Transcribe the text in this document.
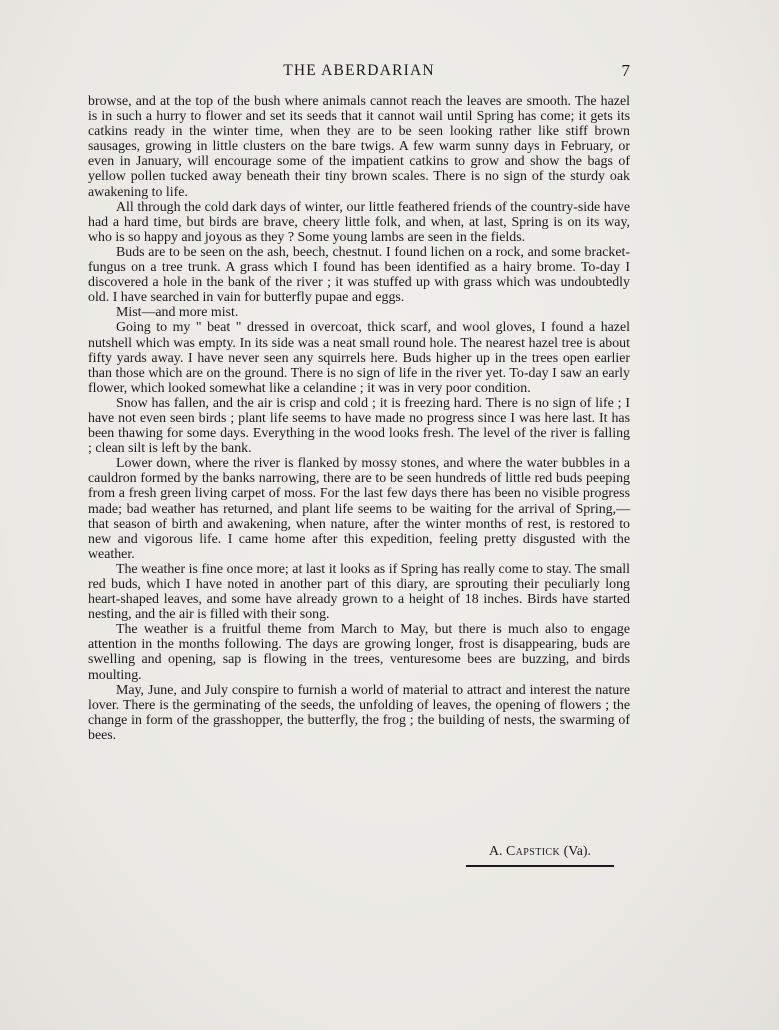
THE ABERDARIAN	7

browse, and at the top of the bush where animals cannot reach the leaves are smooth. The hazel is in such a hurry to flower and set its seeds that it cannot wail until Spring has come; it gets its catkins ready in the winter time, when they are to be seen looking rather like stiff brown sausages, growing in little clusters on the bare twigs. A few warm sunny days in February, or even in January, will encourage some of the impatient catkins to grow and show the bags of yellow pollen tucked away beneath their tiny brown scales. There is no sign of the sturdy oak awakening to life.

All through the cold dark days of winter, our little feathered friends of the country-side have had a hard time, but birds are brave, cheery little folk, and when, at last, Spring is on its way, who is so happy and joyous as they ? Some young lambs are seen in the fields.

Buds are to be seen on the ash, beech, chestnut. I found lichen on a rock, and some bracket-fungus on a tree trunk. A grass which I found has been identified as a hairy brome. To-day I discovered a hole in the bank of the river ; it was stuffed up with grass which was undoubtedly old. I have searched in vain for butterfly pupae and eggs.

Mist—and more mist.

Going to my " beat " dressed in overcoat, thick scarf, and wool gloves, I found a hazel nutshell which was empty. In its side was a neat small round hole. The nearest hazel tree is about fifty yards away. I have never seen any squirrels here. Buds higher up in the trees open earlier than those which are on the ground. There is no sign of life in the river yet. To-day I saw an early flower, which looked somewhat like a celandine ; it was in very poor condition.

Snow has fallen, and the air is crisp and cold ; it is freezing hard. There is no sign of life ; I have not even seen birds ; plant life seems to have made no progress since I was here last. It has been thawing for some days. Everything in the wood looks fresh. The level of the river is falling ; clean silt is left by the bank.

Lower down, where the river is flanked by mossy stones, and where the water bubbles in a cauldron formed by the banks narrowing, there are to be seen hundreds of little red buds peeping from a fresh green living carpet of moss. For the last few days there has been no visible progress made; bad weather has returned, and plant life seems to be waiting for the arrival of Spring,—that season of birth and awakening, when nature, after the winter months of rest, is restored to new and vigorous life. I came home after this expedition, feeling pretty disgusted with the weather.

The weather is fine once more; at last it looks as if Spring has really come to stay. The small red buds, which I have noted in another part of this diary, are sprouting their peculiarly long heart-shaped leaves, and some have already grown to a height of 18 inches. Birds have started nesting, and the air is filled with their song.

The weather is a fruitful theme from March to May, but there is much also to engage attention in the months following. The days are growing longer, frost is disappearing, buds are swelling and opening, sap is flowing in the trees, venturesome bees are buzzing, and birds moulting.

May, June, and July conspire to furnish a world of material to attract and interest the nature lover. There is the germinating of the seeds, the unfolding of leaves, the opening of flowers ; the change in form of the grasshopper, the butterfly, the frog ; the building of nests, the swarming of bees.

A. Capstick (Va).
